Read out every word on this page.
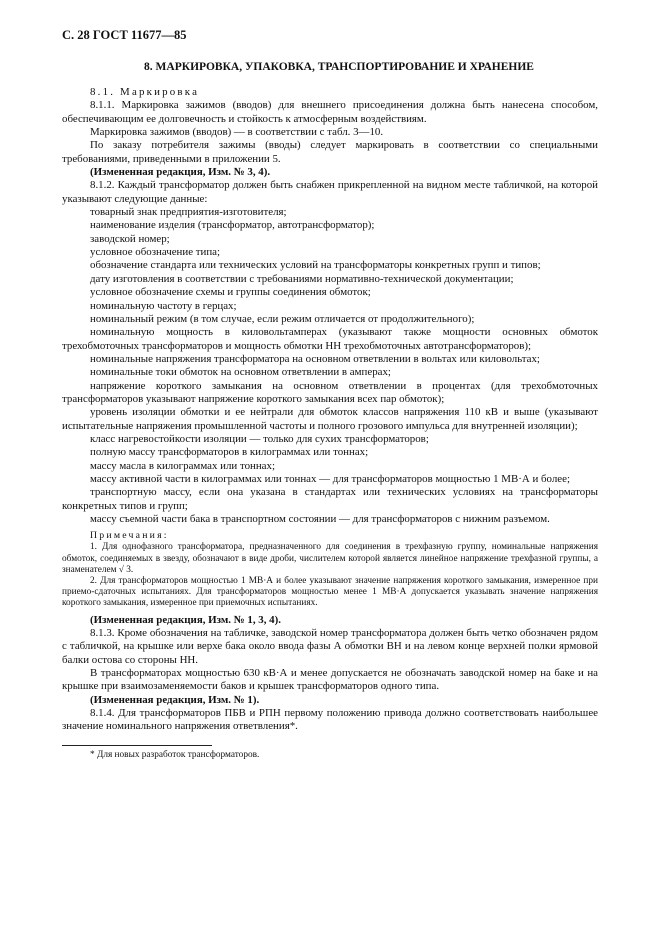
С. 28 ГОСТ 11677—85
8. МАРКИРОВКА, УПАКОВКА, ТРАНСПОРТИРОВАНИЕ И ХРАНЕНИЕ

8.1. Маркировка

8.1.1. Маркировка зажимов (вводов) для внешнего присоединения должна быть нанесена способом, обеспечивающим ее долговечность и стойкость к атмосферным воздействиям.

Маркировка зажимов (вводов) — в соответствии с табл. 3—10.

По заказу потребителя зажимы (вводы) следует маркировать в соответствии со специальными требованиями, приведенными в приложении 5.

(Измененная редакция, Изм. № 3, 4).

8.1.2. Каждый трансформатор должен быть снабжен прикрепленной на видном месте табличкой, на которой указывают следующие данные:

товарный знак предприятия-изготовителя;

наименование изделия (трансформатор, автотрансформатор);

заводской номер;

условное обозначение типа;

обозначение стандарта или технических условий на трансформаторы конкретных групп и типов;

дату изготовления в соответствии с требованиями нормативно-технической документации;

условное обозначение схемы и группы соединения обмоток;

номинальную частоту в герцах;

номинальный режим (в том случае, если режим отличается от продолжительного);

номинальную мощность в киловольтамперах (указывают также мощности основных обмоток трехобмоточных трансформаторов и мощность обмотки НН трехобмоточных автотрансформаторов);

номинальные напряжения трансформатора на основном ответвлении в вольтах или киловольтах;

номинальные токи обмоток на основном ответвлении в амперах;

напряжение короткого замыкания на основном ответвлении в процентах (для трехобмоточных трансформаторов указывают напряжение короткого замыкания всех пар обмоток);

уровень изоляции обмотки и ее нейтрали для обмоток классов напряжения 110 кВ и выше (указывают испытательные напряжения промышленной частоты и полного грозового импульса для внутренней изоляции);

класс нагревостойкости изоляции — только для сухих трансформаторов;

полную массу трансформаторов в килограммах или тоннах;

массу масла в килограммах или тоннах;

массу активной части в килограммах или тоннах — для трансформаторов мощностью 1 МВ·А и более;

транспортную массу, если она указана в стандартах или технических условиях на трансформаторы конкретных типов и групп;

массу съемной части бака в транспортном состоянии — для трансформаторов с нижним разъемом.

Примечания:

1. Для однофазного трансформатора, предназначенного для соединения в трехфазную группу, номинальные напряжения обмоток, соединяемых в звезду, обозначают в виде дроби, числителем которой является линейное напряжение трехфазной группы, а знаменателем √ 3.

2. Для трансформаторов мощностью 1 МВ·А и более указывают значение напряжения короткого замыкания, измеренное при приемо-сдаточных испытаниях. Для трансформаторов мощностью менее 1 МВ·А допускается указывать значение напряжения короткого замыкания, измеренное при приемочных испытаниях.

(Измененная редакция, Изм. № 1, 3, 4).

8.1.3. Кроме обозначения на табличке, заводской номер трансформатора должен быть четко обозначен рядом с табличкой, на крышке или верхе бака около ввода фазы А обмотки ВН и на левом конце верхней полки ярмовой балки остова со стороны НН.

В трансформаторах мощностью 630 кВ·А и менее допускается не обозначать заводской номер на баке и на крышке при взаимозаменяемости баков и крышек трансформаторов одного типа.

(Измененная редакция, Изм. № 1).

8.1.4. Для трансформаторов ПБВ и РПН первому положению привода должно соответствовать наибольшее значение номинального напряжения ответвления*.

* Для новых разработок трансформаторов.
